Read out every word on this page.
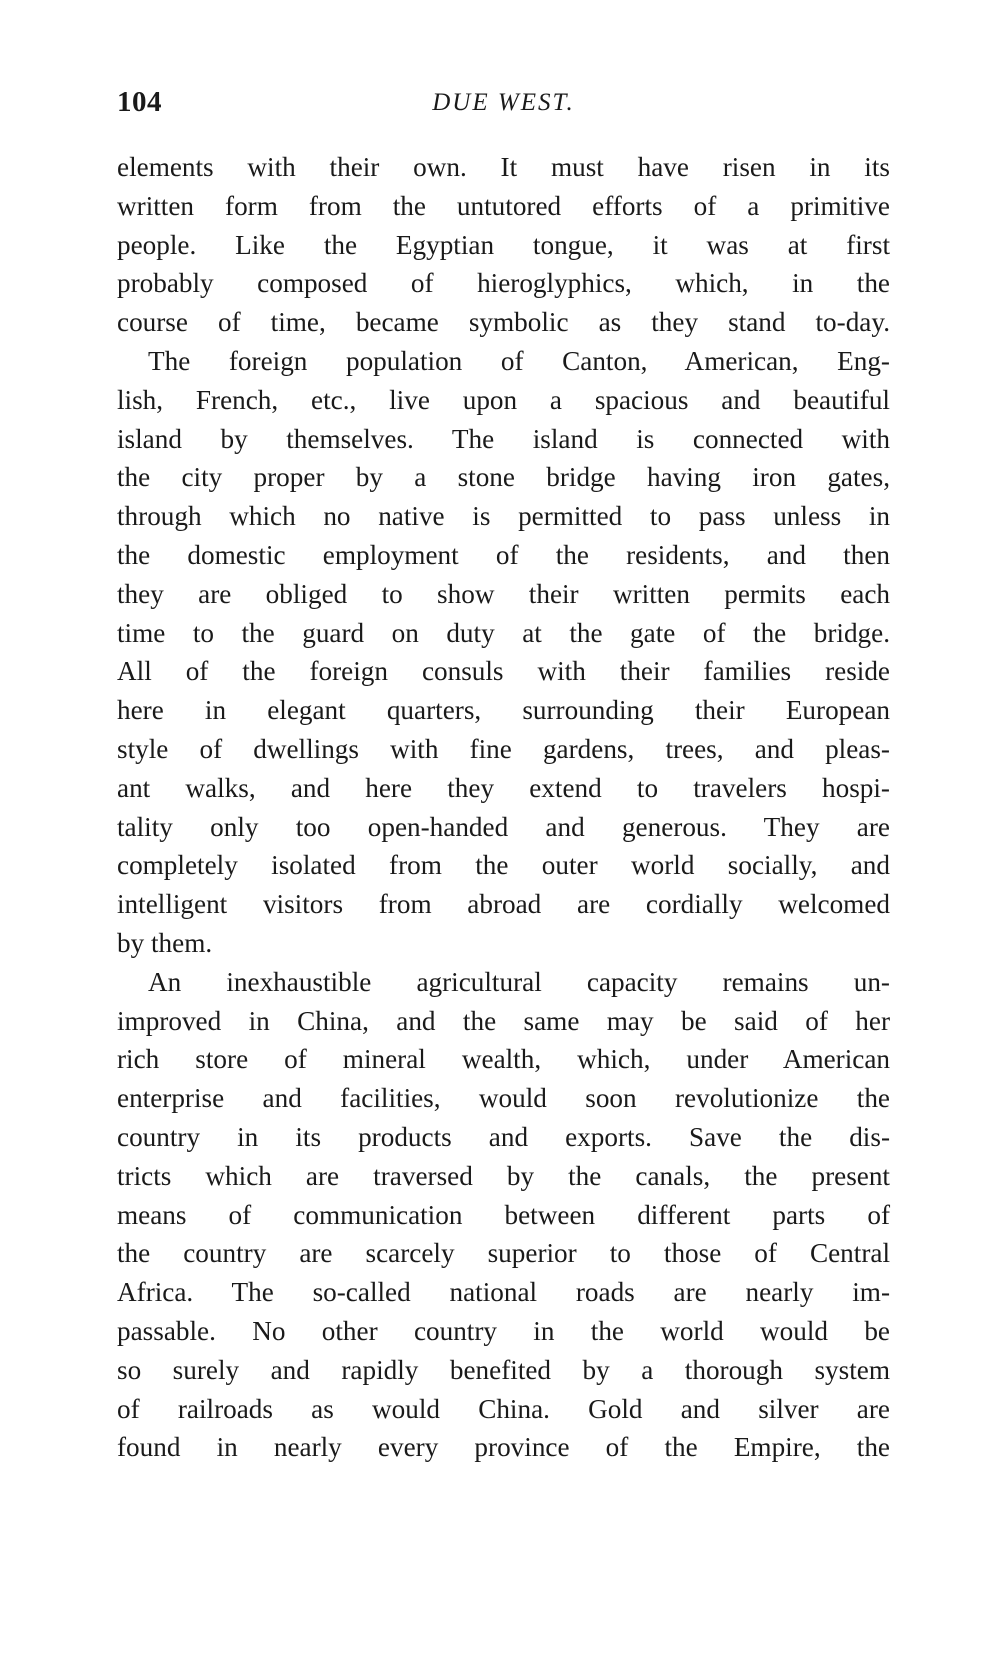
104	DUE WEST.
elements with their own. It must have risen in its
written form from the untutored efforts of a primitive
people. Like the Egyptian tongue, it was at first
probably composed of hieroglyphics, which, in the
course of time, became symbolic as they stand to-day.
The foreign population of Canton, American, Eng-
lish, French, etc., live upon a spacious and beautiful
island by themselves. The island is connected with
the city proper by a stone bridge having iron gates,
through which no native is permitted to pass unless in
the domestic employment of the residents, and then
they are obliged to show their written permits each
time to the guard on duty at the gate of the bridge.
All of the foreign consuls with their families reside
here in elegant quarters, surrounding their European
style of dwellings with fine gardens, trees, and pleas-
ant walks, and here they extend to travelers hospi-
tality only too open-handed and generous. They are
completely isolated from the outer world socially, and
intelligent visitors from abroad are cordially welcomed
by them.
An inexhaustible agricultural capacity remains un-
improved in China, and the same may be said of her
rich store of mineral wealth, which, under American
enterprise and facilities, would soon revolutionize the
country in its products and exports. Save the dis-
tricts which are traversed by the canals, the present
means of communication between different parts of
the country are scarcely superior to those of Central
Africa. The so-called national roads are nearly im-
passable. No other country in the world would be
so surely and rapidly benefited by a thorough system
of railroads as would China. Gold and silver are
found in nearly every province of the Empire, the
